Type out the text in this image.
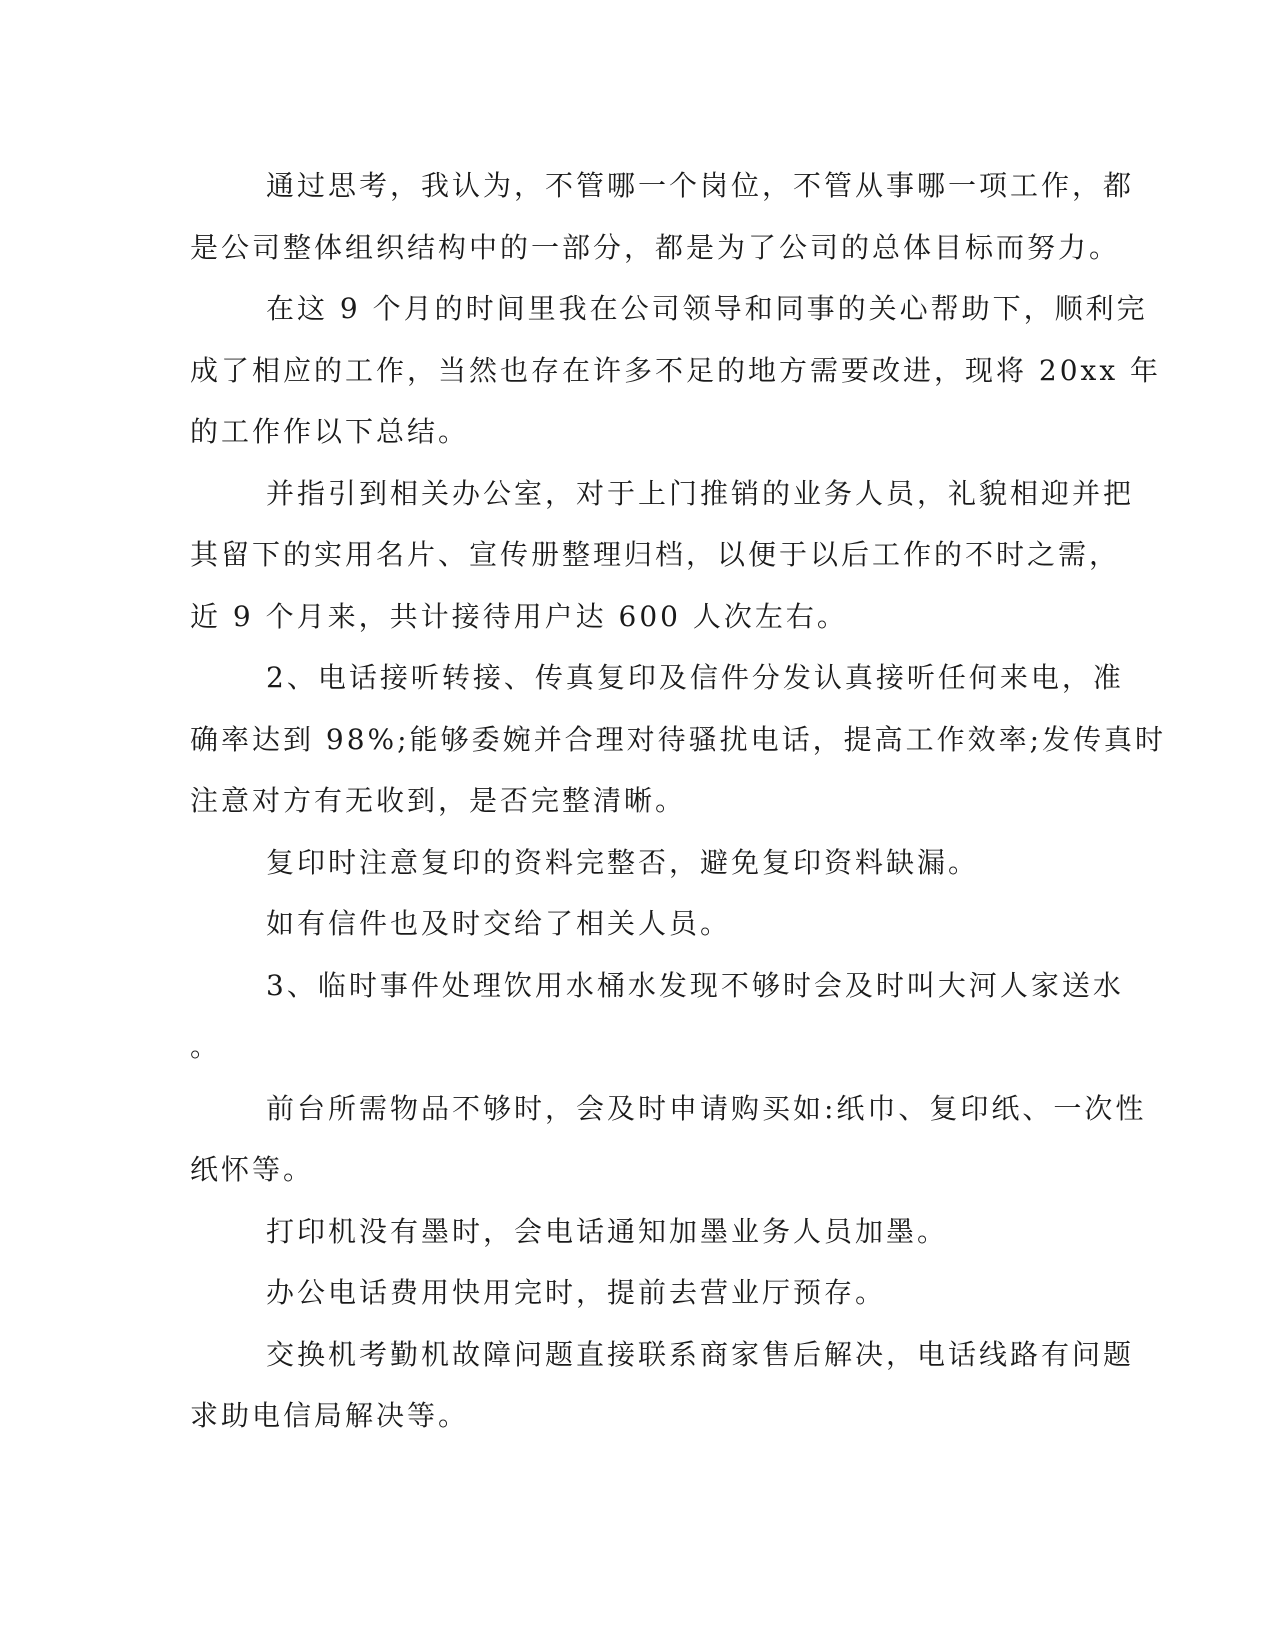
通过思考，我认为，不管哪一个岗位，不管从事哪一项工作，都
是公司整体组织结构中的一部分，都是为了公司的总体目标而努力。
在这 9 个月的时间里我在公司领导和同事的关心帮助下，顺利完
成了相应的工作，当然也存在许多不足的地方需要改进，现将 20xx 年
的工作作以下总结。
并指引到相关办公室，对于上门推销的业务人员，礼貌相迎并把
其留下的实用名片、宣传册整理归档，以便于以后工作的不时之需，
近 9 个月来，共计接待用户达 600 人次左右。
2、电话接听转接、传真复印及信件分发认真接听任何来电，准
确率达到 98%;能够委婉并合理对待骚扰电话，提高工作效率;发传真时
注意对方有无收到，是否完整清晰。
复印时注意复印的资料完整否，避免复印资料缺漏。
如有信件也及时交给了相关人员。
3、临时事件处理饮用水桶水发现不够时会及时叫大河人家送水
。
前台所需物品不够时，会及时申请购买如:纸巾、复印纸、一次性
纸怀等。
打印机没有墨时，会电话通知加墨业务人员加墨。
办公电话费用快用完时，提前去营业厅预存。
交换机考勤机故障问题直接联系商家售后解决，电话线路有问题
求助电信局解决等。
